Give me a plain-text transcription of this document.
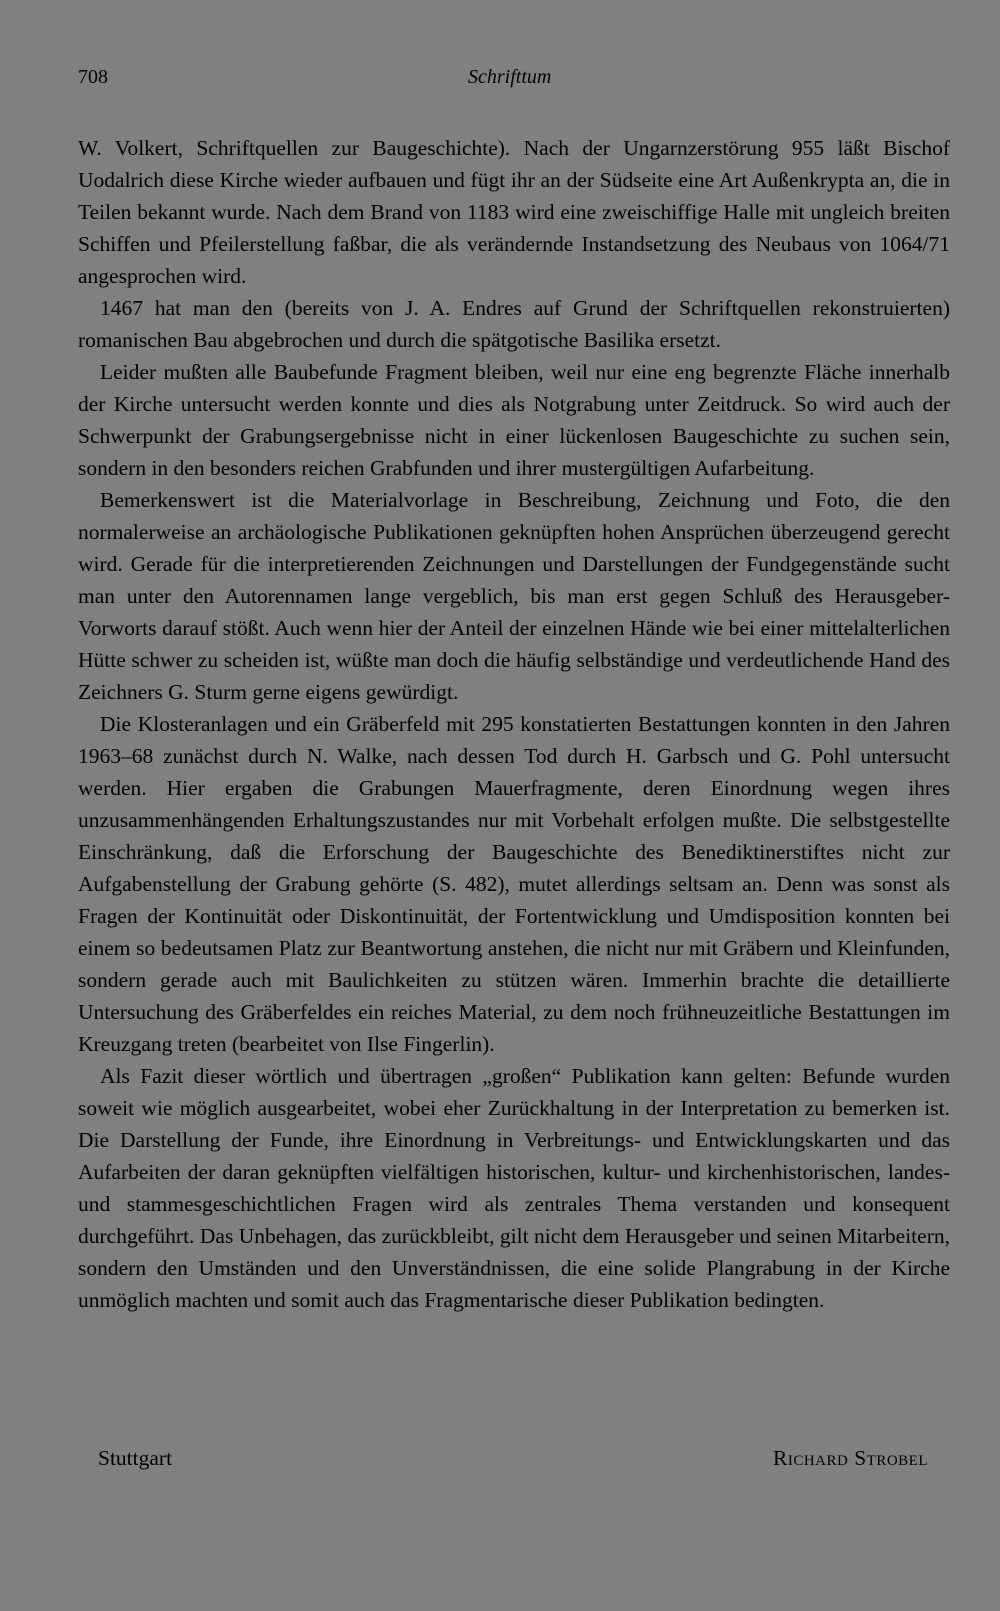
708	Schrifttum

W. Volkert, Schriftquellen zur Baugeschichte). Nach der Ungarnzerstörung 955 läßt Bischof Uodalrich diese Kirche wieder aufbauen und fügt ihr an der Südseite eine Art Außenkrypta an, die in Teilen bekannt wurde. Nach dem Brand von 1183 wird eine zweischiffige Halle mit ungleich breiten Schiffen und Pfeilerstellung faßbar, die als verändernde Instandsetzung des Neubaus von 1064/71 angesprochen wird.

1467 hat man den (bereits von J. A. Endres auf Grund der Schriftquellen rekonstruierten) romanischen Bau abgebrochen und durch die spätgotische Basilika ersetzt.

Leider mußten alle Baubefunde Fragment bleiben, weil nur eine eng begrenzte Fläche innerhalb der Kirche untersucht werden konnte und dies als Notgrabung unter Zeitdruck. So wird auch der Schwerpunkt der Grabungsergebnisse nicht in einer lückenlosen Baugeschichte zu suchen sein, sondern in den besonders reichen Grabfunden und ihrer mustergültigen Aufarbeitung.

Bemerkenswert ist die Materialvorlage in Beschreibung, Zeichnung und Foto, die den normalerweise an archäologische Publikationen geknüpften hohen Ansprüchen überzeugend gerecht wird. Gerade für die interpretierenden Zeichnungen und Darstellungen der Fundgegenstände sucht man unter den Autorennamen lange vergeblich, bis man erst gegen Schluß des Herausgeber-Vorworts darauf stößt. Auch wenn hier der Anteil der einzelnen Hände wie bei einer mittelalterlichen Hütte schwer zu scheiden ist, wüßte man doch die häufig selbständige und verdeutlichende Hand des Zeichners G. Sturm gerne eigens gewürdigt.

Die Klosteranlagen und ein Gräberfeld mit 295 konstatierten Bestattungen konnten in den Jahren 1963–68 zunächst durch N. Walke, nach dessen Tod durch H. Garbsch und G. Pohl untersucht werden. Hier ergaben die Grabungen Mauerfragmente, deren Einordnung wegen ihres unzusammenhängenden Erhaltungszustandes nur mit Vorbehalt erfolgen mußte. Die selbstgestellte Einschränkung, daß die Erforschung der Baugeschichte des Benediktinerstiftes nicht zur Aufgabenstellung der Grabung gehörte (S. 482), mutet allerdings seltsam an. Denn was sonst als Fragen der Kontinuität oder Diskontinuität, der Fortentwicklung und Umdisposition konnten bei einem so bedeutsamen Platz zur Beantwortung anstehen, die nicht nur mit Gräbern und Kleinfunden, sondern gerade auch mit Baulichkeiten zu stützen wären. Immerhin brachte die detaillierte Untersuchung des Gräberfeldes ein reiches Material, zu dem noch frühneuzeitliche Bestattungen im Kreuzgang treten (bearbeitet von Ilse Fingerlin).

Als Fazit dieser wörtlich und übertragen „großen“ Publikation kann gelten: Befunde wurden soweit wie möglich ausgearbeitet, wobei eher Zurückhaltung in der Interpretation zu bemerken ist. Die Darstellung der Funde, ihre Einordnung in Verbreitungs- und Entwicklungskarten und das Aufarbeiten der daran geknüpften vielfältigen historischen, kultur- und kirchenhistorischen, landes- und stammesgeschichtlichen Fragen wird als zentrales Thema verstanden und konsequent durchgeführt. Das Unbehagen, das zurückbleibt, gilt nicht dem Herausgeber und seinen Mitarbeitern, sondern den Umständen und den Unverständnissen, die eine solide Plangrabung in der Kirche unmöglich machten und somit auch das Fragmentarische dieser Publikation bedingten.

Stuttgart	Richard Strobel
